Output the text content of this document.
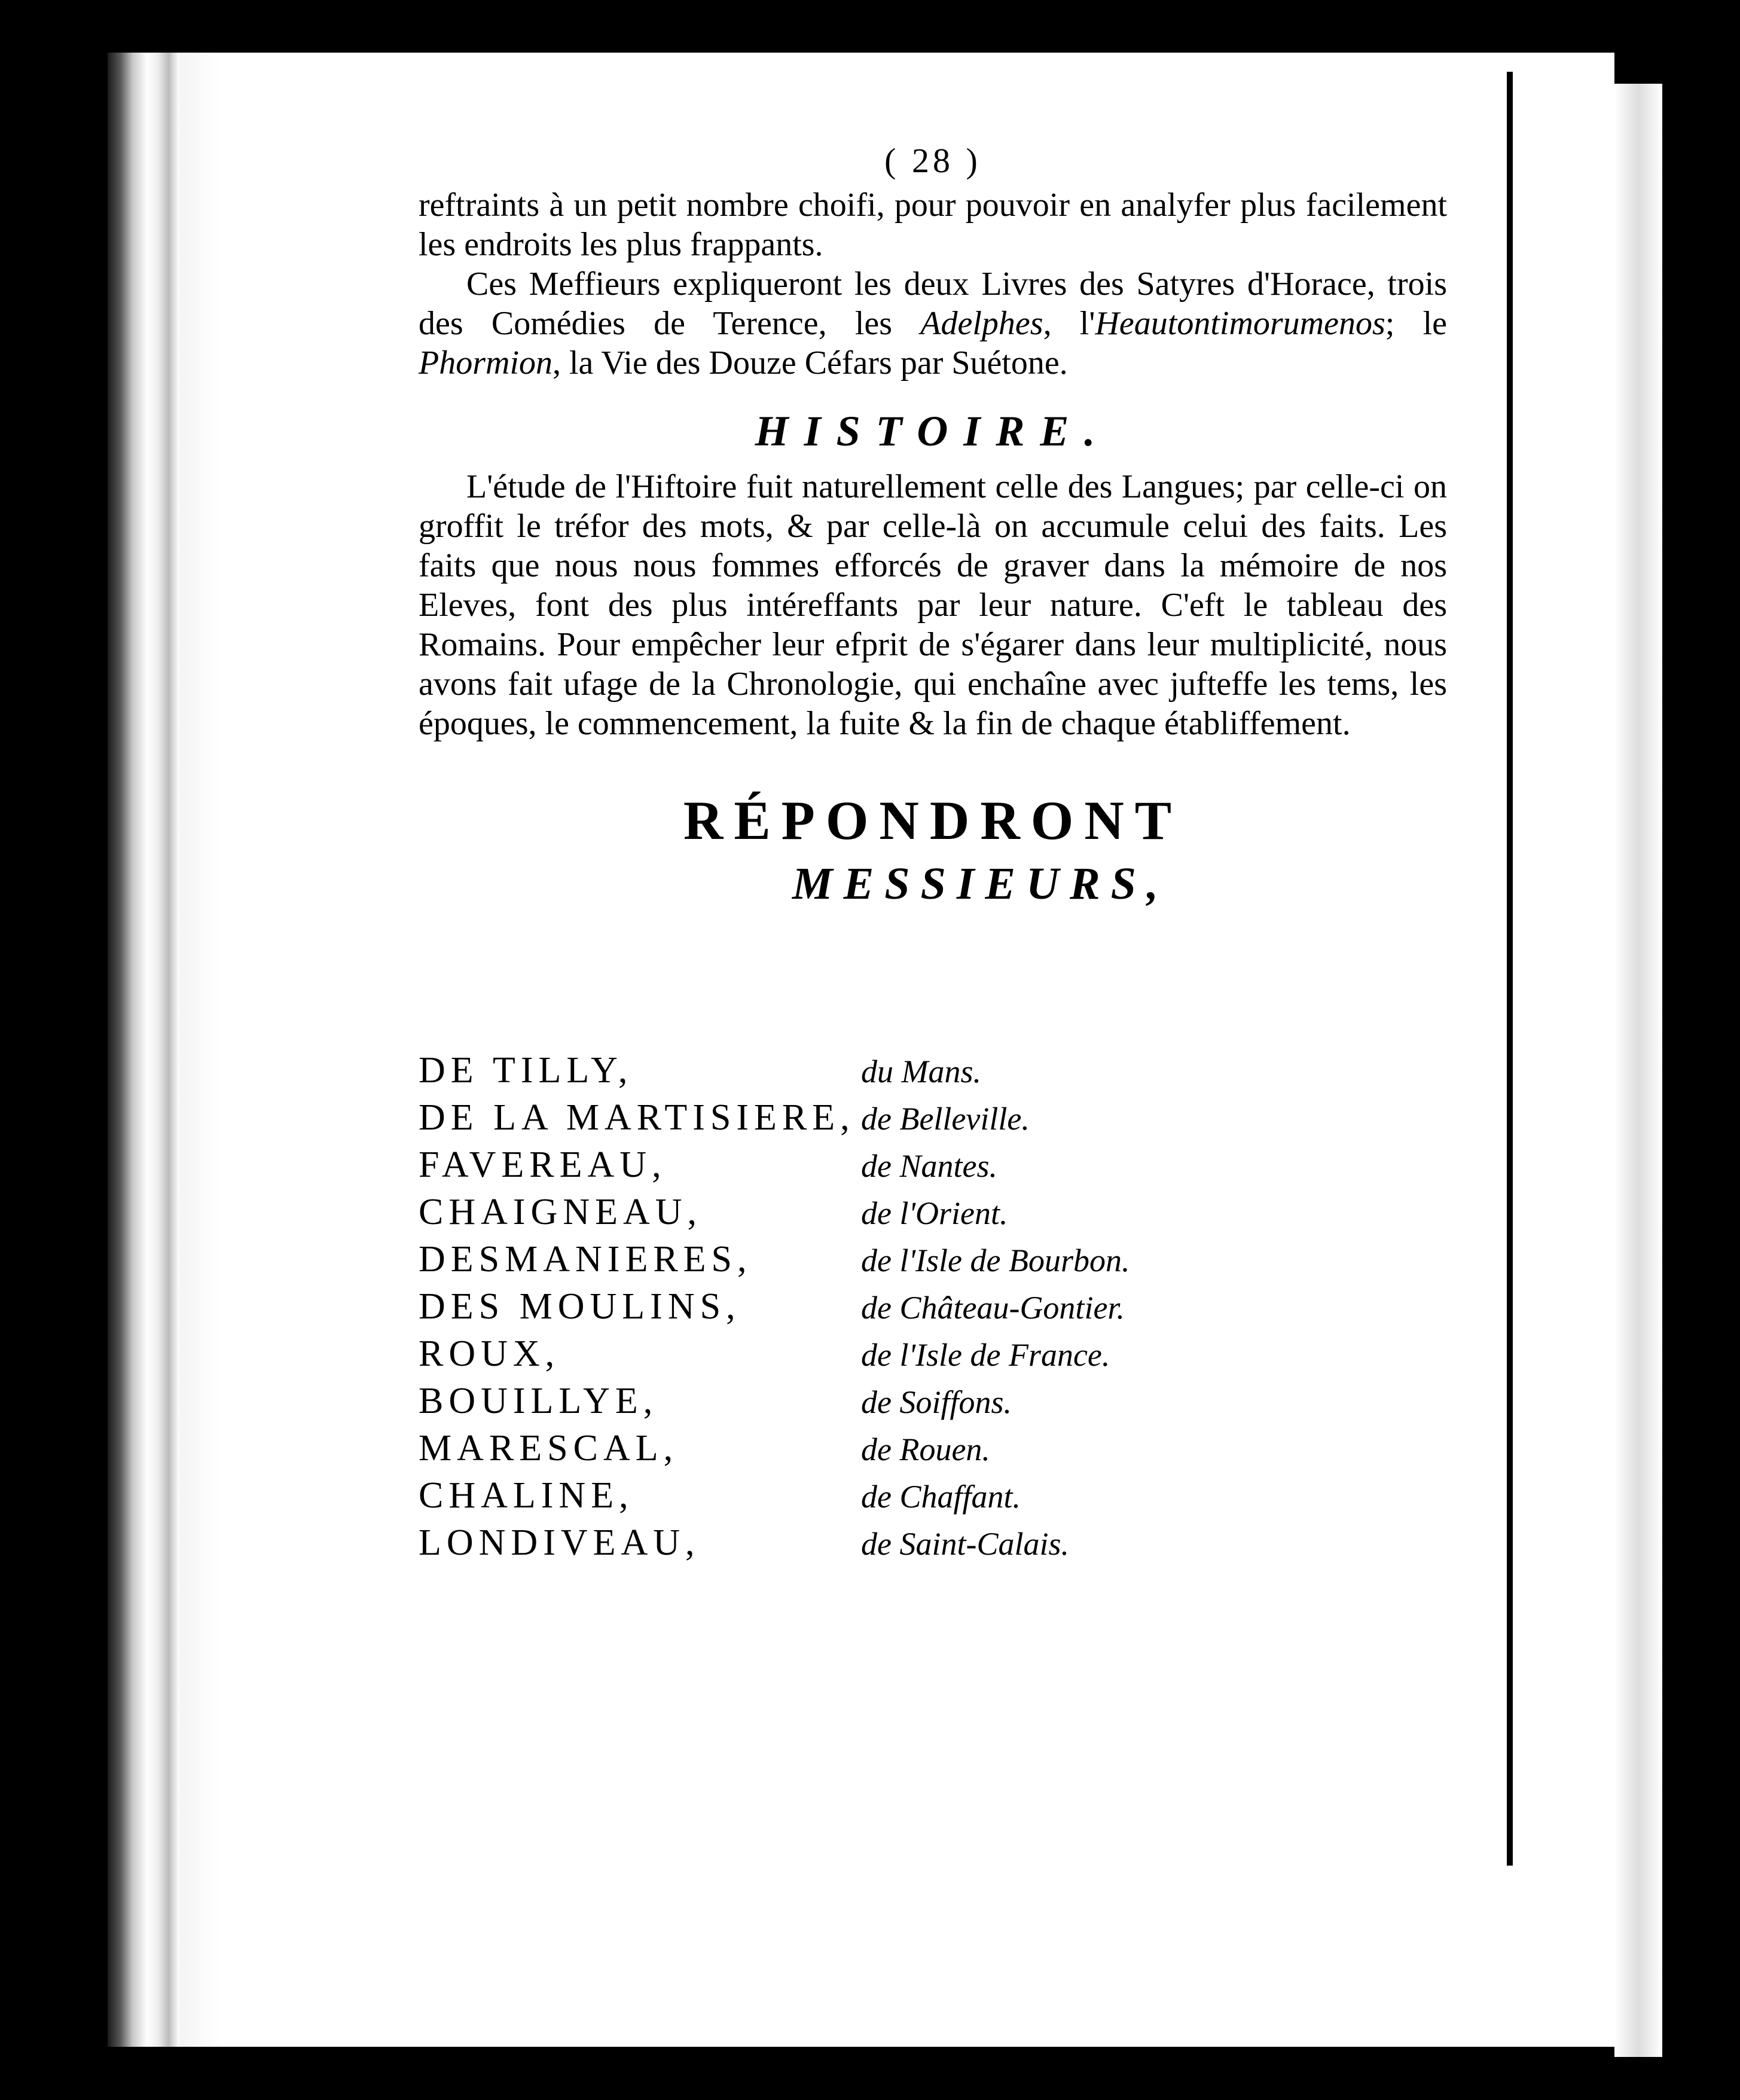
( 28 )

reftraints à un petit nombre choifi, pour pouvoir en analyfer plus facilement les endroits les plus frappants.

Ces Meffieurs expliqueront les deux Livres des Satyres d'Horace, trois des Comédies de Terence, les Adelphes, l'Heautontimorumenos; le Phormion, la Vie des Douze Céfars par Suétone.

HISTOIRE.

L'étude de l'Hiftoire fuit naturellement celle des Langues; par celle-ci on groffit le tréfor des mots, & par celle-là on accumule celui des faits. Les faits que nous nous fommes efforcés de graver dans la mémoire de nos Eleves, font des plus intéreffants par leur nature. C'eft le tableau des Romains. Pour empêcher leur efprit de s'égarer dans leur multiplicité, nous avons fait ufage de la Chronologie, qui enchaîne avec jufteffe les tems, les époques, le commencement, la fuite & la fin de chaque établiffement.

RÉPONDRONT
MESSIEURS,
DE TILLY,	du Mans.
DE LA MARTISIERE, de Belleville.
FAVEREAU,	de Nantes.
CHAIGNEAU,	de l'Orient.
DESMANIERES,	de l'Isle de Bourbon.
DES MOULINS,	de Château-Gontier.
ROUX,	de l'Isle de France.
BOUILLYE,	de Soiffons.
MARESCAL,	de Rouen.
CHALINE,	de Chaffant.
LONDIVEAU,	de Saint-Calais.
